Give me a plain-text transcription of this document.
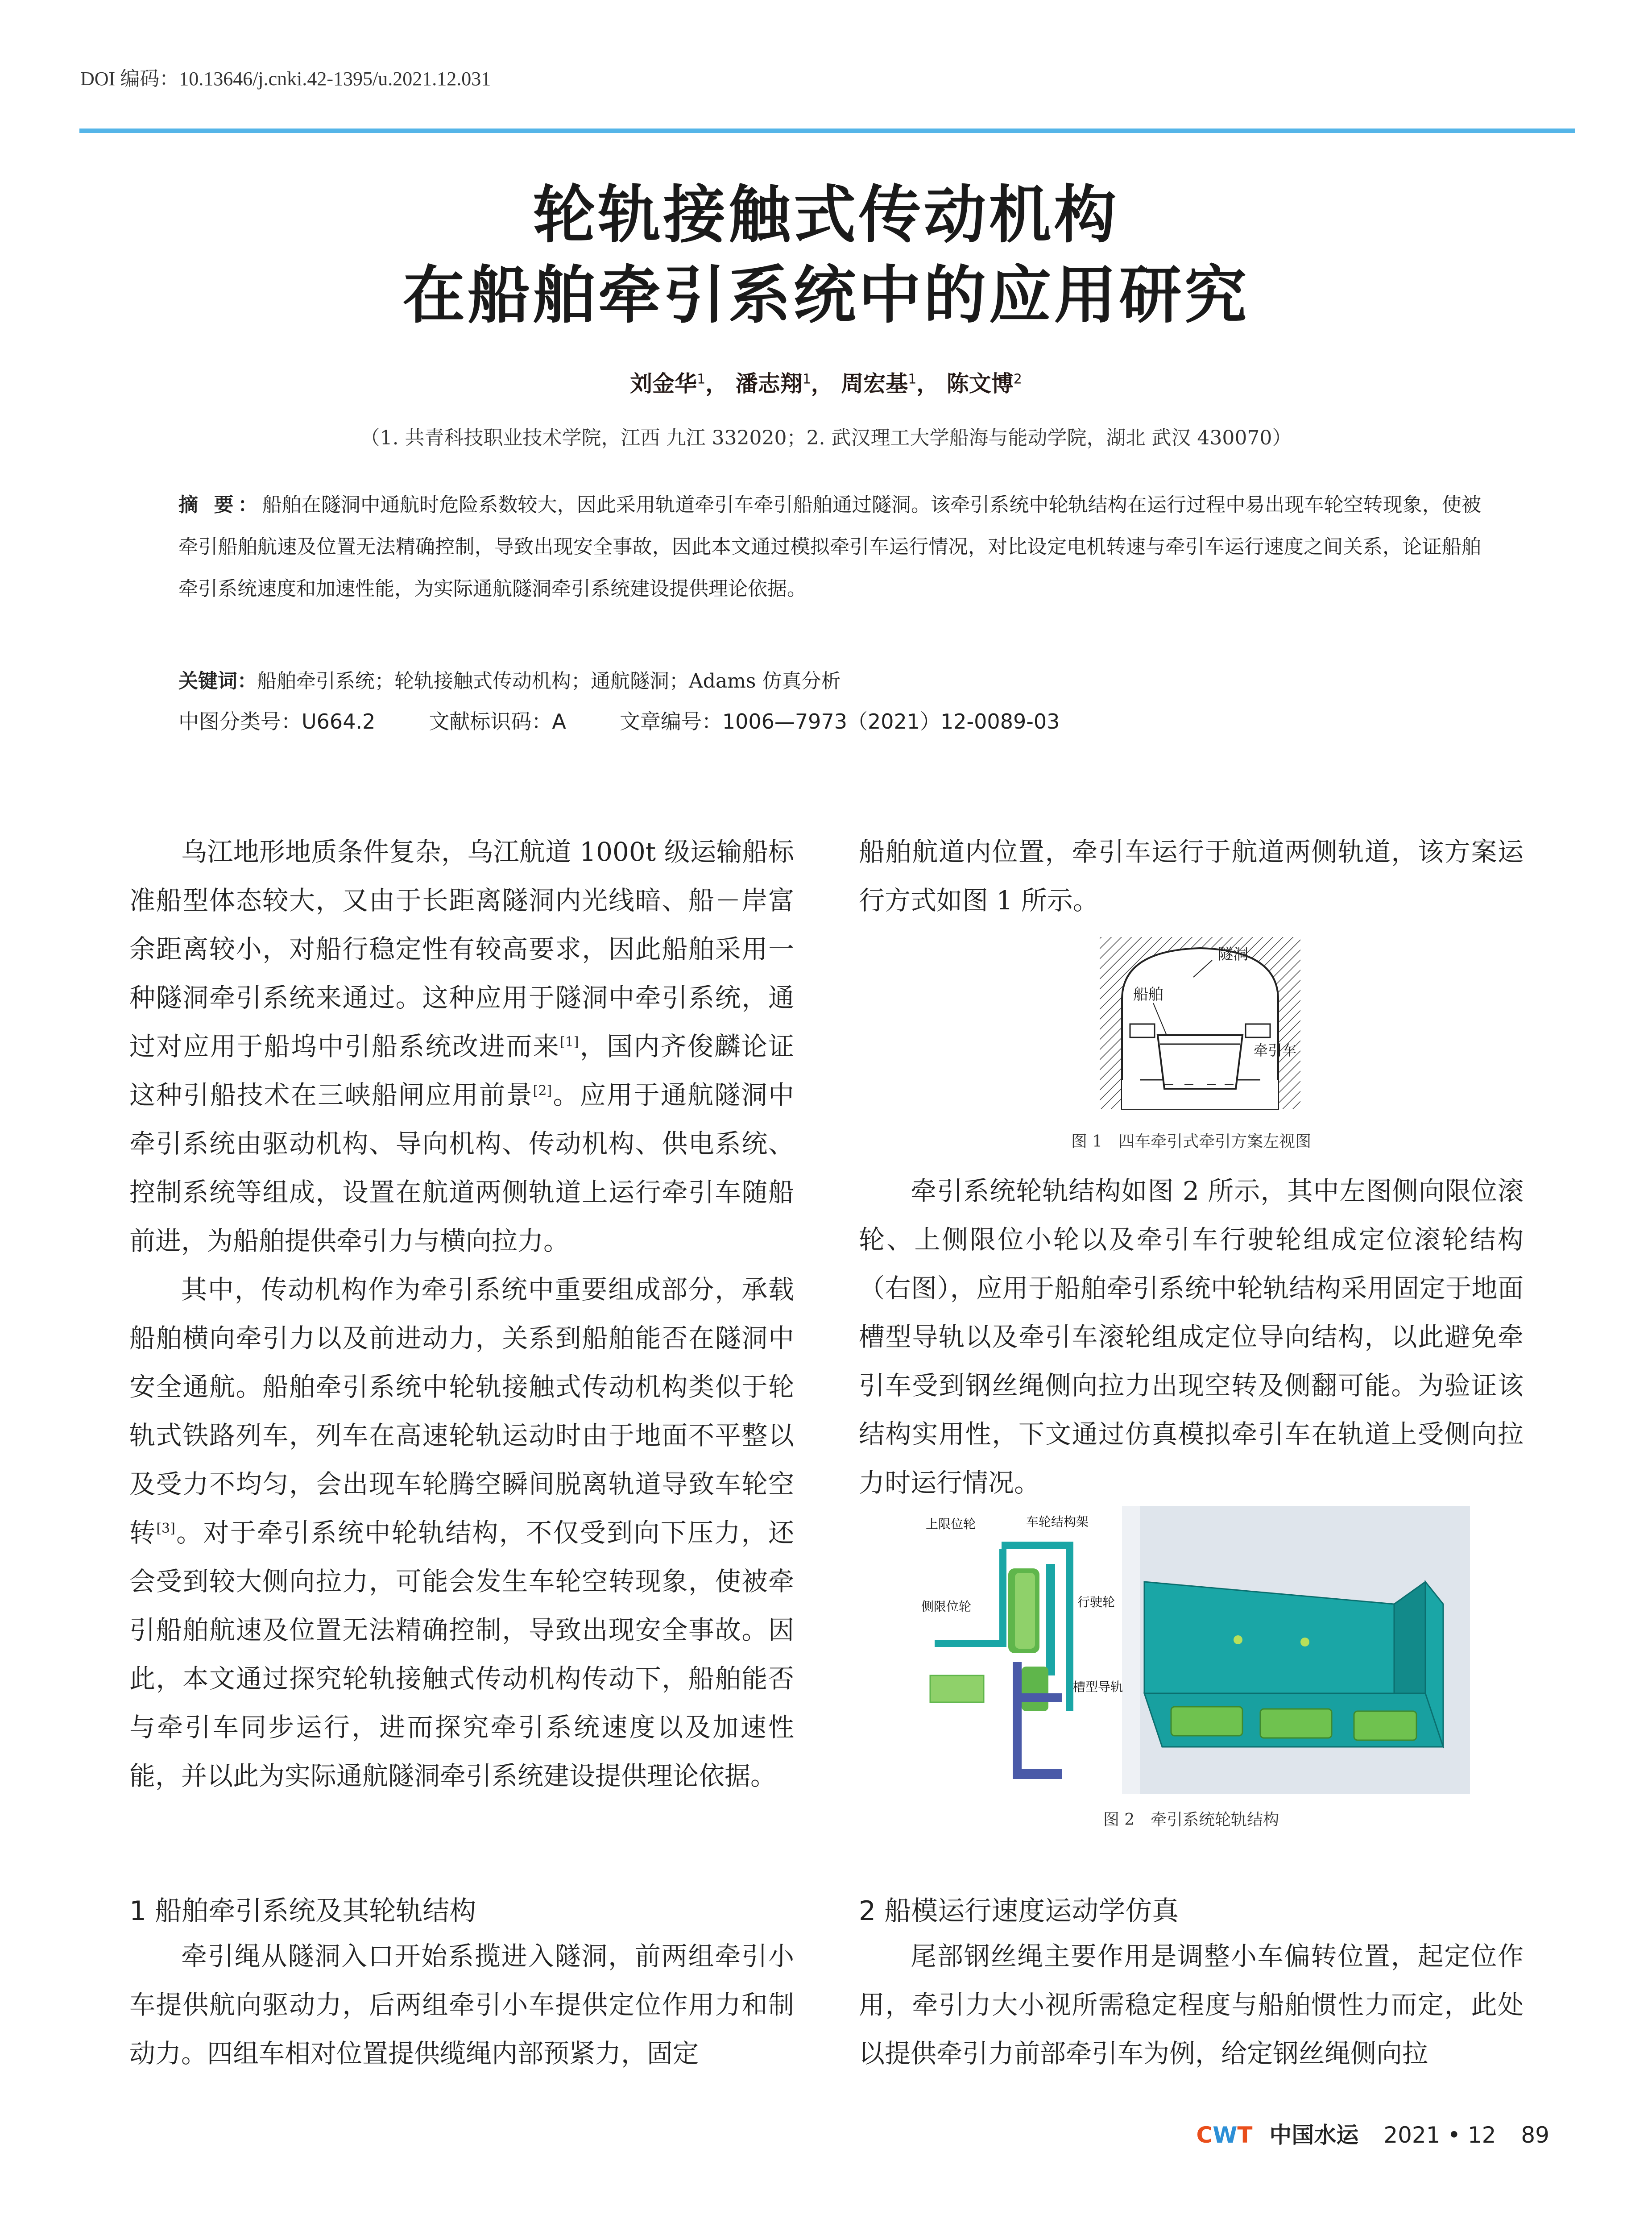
DOI 编码：10.13646/j.cnki.42-1395/u.2021.12.031
轮轨接触式传动机构
在船舶牵引系统中的应用研究
刘金华$^1$， 潘志翔$^1$， 周宏基$^1$， 陈文博$^2$
（1. 共青科技职业技术学院，江西 九江 332020；2. 武汉理工大学船海与能动学院，湖北 武汉 430070）
摘 要：船舶在隧洞中通航时危险系数较大，因此采用轨道牵引车牵引船舶通过隧洞。该牵引系统中轮轨结构在运行过程中易出现车轮空转现象，使被牵引船舶航速及位置无法精确控制，导致出现安全事故，因此本文通过模拟牵引车运行情况，对比设定电机转速与牵引车运行速度之间关系，论证船舶牵引系统速度和加速性能，为实际通航隧洞牵引系统建设提供理论依据。
关键词：船舶牵引系统；轮轨接触式传动机构；通航隧洞；Adams 仿真分析
中图分类号：U664.2	文献标识码：A	文章编号：1006—7973（2021）12-0089-03

乌江地形地质条件复杂，乌江航道 1000t 级运输船标准船型体态较大，又由于长距离隧洞内光线暗、船－岸富余距离较小，对船行稳定性有较高要求，因此船舶采用一种隧洞牵引系统来通过。这种应用于隧洞中牵引系统，通过对应用于船坞中引船系统改进而来[1]，国内齐俊麟论证这种引船技术在三峡船闸应用前景[2]。应用于通航隧洞中牵引系统由驱动机构、导向机构、传动机构、供电系统、控制系统等组成，设置在航道两侧轨道上运行牵引车随船前进，为船舶提供牵引力与横向拉力。

其中，传动机构作为牵引系统中重要组成部分，承载船舶横向牵引力以及前进动力，关系到船舶能否在隧洞中安全通航。船舶牵引系统中轮轨接触式传动机构类似于轮轨式铁路列车，列车在高速轮轨运动时由于地面不平整以及受力不均匀，会出现车轮腾空瞬间脱离轨道导致车轮空转[3]。对于牵引系统中轮轨结构，不仅受到向下压力，还会受到较大侧向拉力，可能会发生车轮空转现象，使被牵引船舶航速及位置无法精确控制，导致出现安全事故。因此，本文通过探究轮轨接触式传动机构传动下，船舶能否与牵引车同步运行，进而探究牵引系统速度以及加速性能，并以此为实际通航隧洞牵引系统建设提供理论依据。

1 船舶牵引系统及其轮轨结构

牵引绳从隧洞入口开始系揽进入隧洞，前两组牵引小车提供航向驱动力，后两组牵引小车提供定位作用力和制动力。四组车相对位置提供缆绳内部预紧力，固定

船舶航道内位置，牵引车运行于航道两侧轨道，该方案运行方式如图 1 所示。

隧洞
船舶
牵引车
图 1　四车牵引式牵引方案左视图

牵引系统轮轨结构如图 2 所示，其中左图侧向限位滚轮、上侧限位小轮以及牵引车行驶轮组成定位滚轮结构（右图），应用于船舶牵引系统中轮轨结构采用固定于地面槽型导轨以及牵引车滚轮组成定位导向结构，以此避免牵引车受到钢丝绳侧向拉力出现空转及侧翻可能。为验证该结构实用性，下文通过仿真模拟牵引车在轨道上受侧向拉力时运行情况。

上限位轮	车轮结构架
侧限位轮	行驶轮
槽型导轨
图 2　牵引系统轮轨结构
2 船模运行速度运动学仿真

尾部钢丝绳主要作用是调整小车偏转位置，起定位作用，牵引力大小视所需稳定程度与船舶惯性力而定，此处以提供牵引力前部牵引车为例，给定钢丝绳侧向拉

CWT 中国水运 2021 • 12 89
